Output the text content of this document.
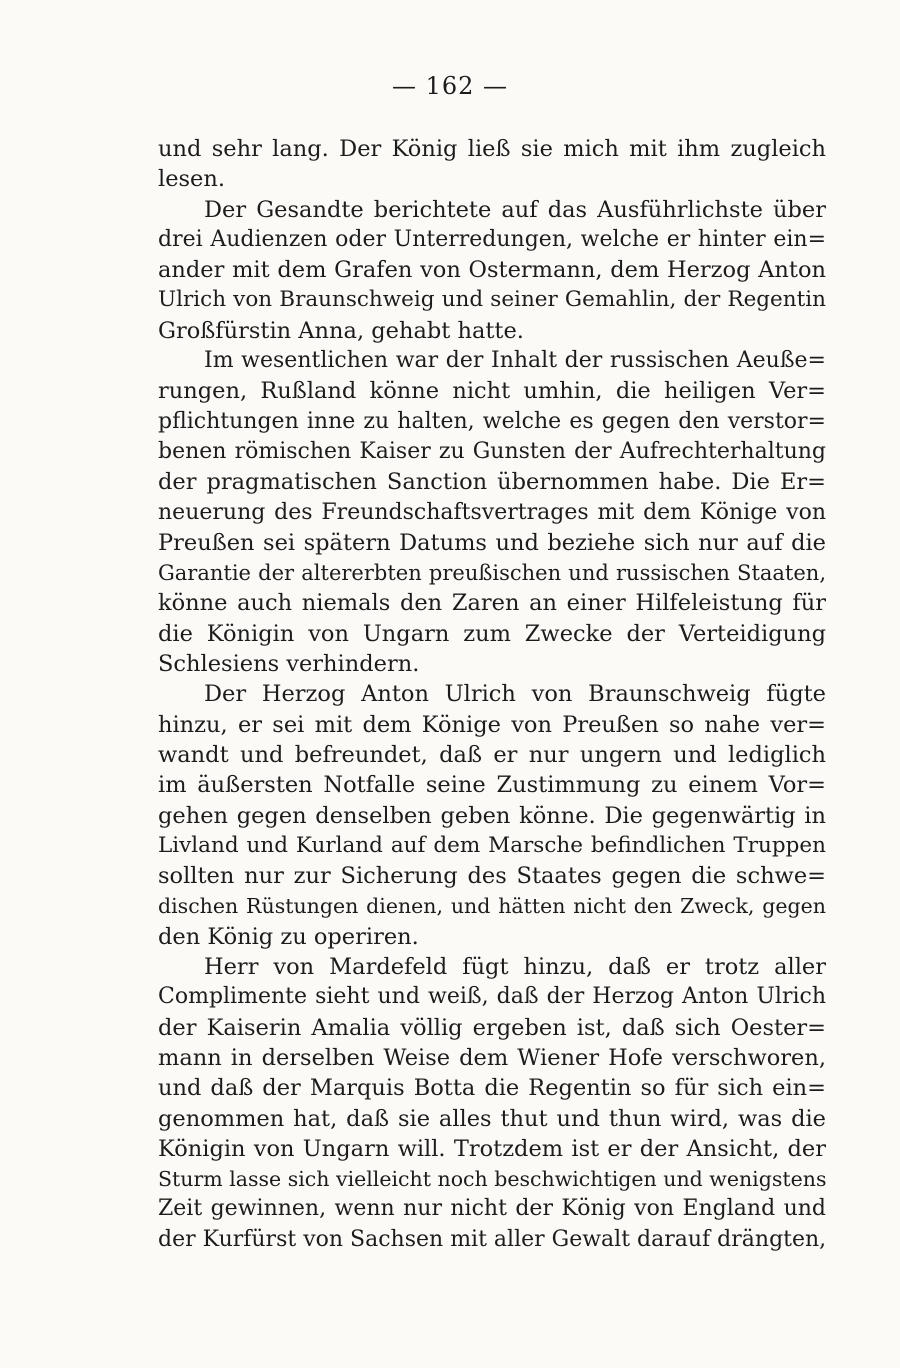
— 162 —
und sehr lang. Der König ließ sie mich mit ihm zugleich
lesen.
Der Gesandte berichtete auf das Ausführlichste über
drei Audienzen oder Unterredungen, welche er hinter ein=
ander mit dem Grafen von Ostermann, dem Herzog Anton
Ulrich von Braunschweig und seiner Gemahlin, der Regentin
Großfürstin Anna, gehabt hatte.
Im wesentlichen war der Inhalt der russischen Aeuße=
rungen, Rußland könne nicht umhin, die heiligen Ver=
pflichtungen inne zu halten, welche es gegen den verstor=
benen römischen Kaiser zu Gunsten der Aufrechterhaltung
der pragmatischen Sanction übernommen habe. Die Er=
neuerung des Freundschaftsvertrages mit dem Könige von
Preußen sei spätern Datums und beziehe sich nur auf die
Garantie der altererbten preußischen und russischen Staaten,
könne auch niemals den Zaren an einer Hilfeleistung für
die Königin von Ungarn zum Zwecke der Verteidigung
Schlesiens verhindern.
Der Herzog Anton Ulrich von Braunschweig fügte
hinzu, er sei mit dem Könige von Preußen so nahe ver=
wandt und befreundet, daß er nur ungern und lediglich
im äußersten Notfalle seine Zustimmung zu einem Vor=
gehen gegen denselben geben könne. Die gegenwärtig in
Livland und Kurland auf dem Marsche befindlichen Truppen
sollten nur zur Sicherung des Staates gegen die schwe=
dischen Rüstungen dienen, und hätten nicht den Zweck, gegen
den König zu operiren.
Herr von Mardefeld fügt hinzu, daß er trotz aller
Complimente sieht und weiß, daß der Herzog Anton Ulrich
der Kaiserin Amalia völlig ergeben ist, daß sich Oester=
mann in derselben Weise dem Wiener Hofe verschworen,
und daß der Marquis Botta die Regentin so für sich ein=
genommen hat, daß sie alles thut und thun wird, was die
Königin von Ungarn will. Trotzdem ist er der Ansicht, der
Sturm lasse sich vielleicht noch beschwichtigen und wenigstens
Zeit gewinnen, wenn nur nicht der König von England und
der Kurfürst von Sachsen mit aller Gewalt darauf drängten,
